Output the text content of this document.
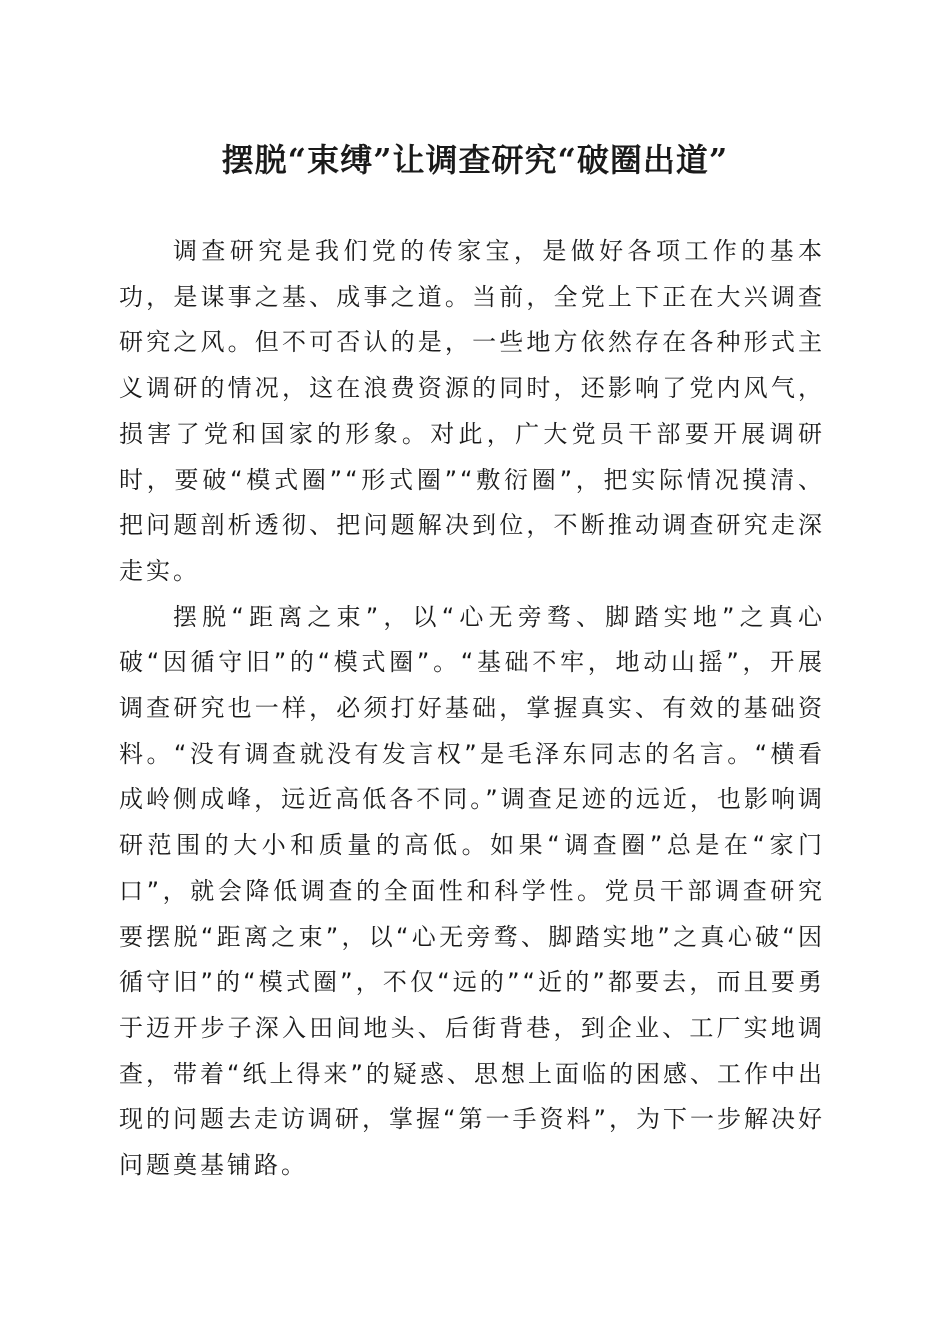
摆脱“束缚”让调查研究“破圈出道”

调查研究是我们党的传家宝，是做好各项工作的基本功，是谋事之基、成事之道。当前，全党上下正在大兴调查研究之风。但不可否认的是，一些地方依然存在各种形式主义调研的情况，这在浪费资源的同时，还影响了党内风气，损害了党和国家的形象。对此，广大党员干部要开展调研时，要破“模式圈”“形式圈”“敷衍圈”，把实际情况摸清、把问题剖析透彻、把问题解决到位，不断推动调查研究走深走实。

摆脱“距离之束”，以“心无旁骛、脚踏实地”之真心破“因循守旧”的“模式圈”。“基础不牢，地动山摇”，开展调查研究也一样，必须打好基础，掌握真实、有效的基础资料。“没有调查就没有发言权”是毛泽东同志的名言。“横看成岭侧成峰，远近高低各不同。”调查足迹的远近，也影响调研范围的大小和质量的高低。如果“调查圈”总是在“家门口”，就会降低调查的全面性和科学性。党员干部调查研究要摆脱“距离之束”，以“心无旁骛、脚踏实地”之真心破“因循守旧”的“模式圈”，不仅“远的”“近的”都要去，而且要勇于迈开步子深入田间地头、后街背巷，到企业、工厂实地调查，带着“纸上得来”的疑惑、思想上面临的困感、工作中出现的问题去走访调研，掌握“第一手资料”，为下一步解决好问题奠基铺路。
